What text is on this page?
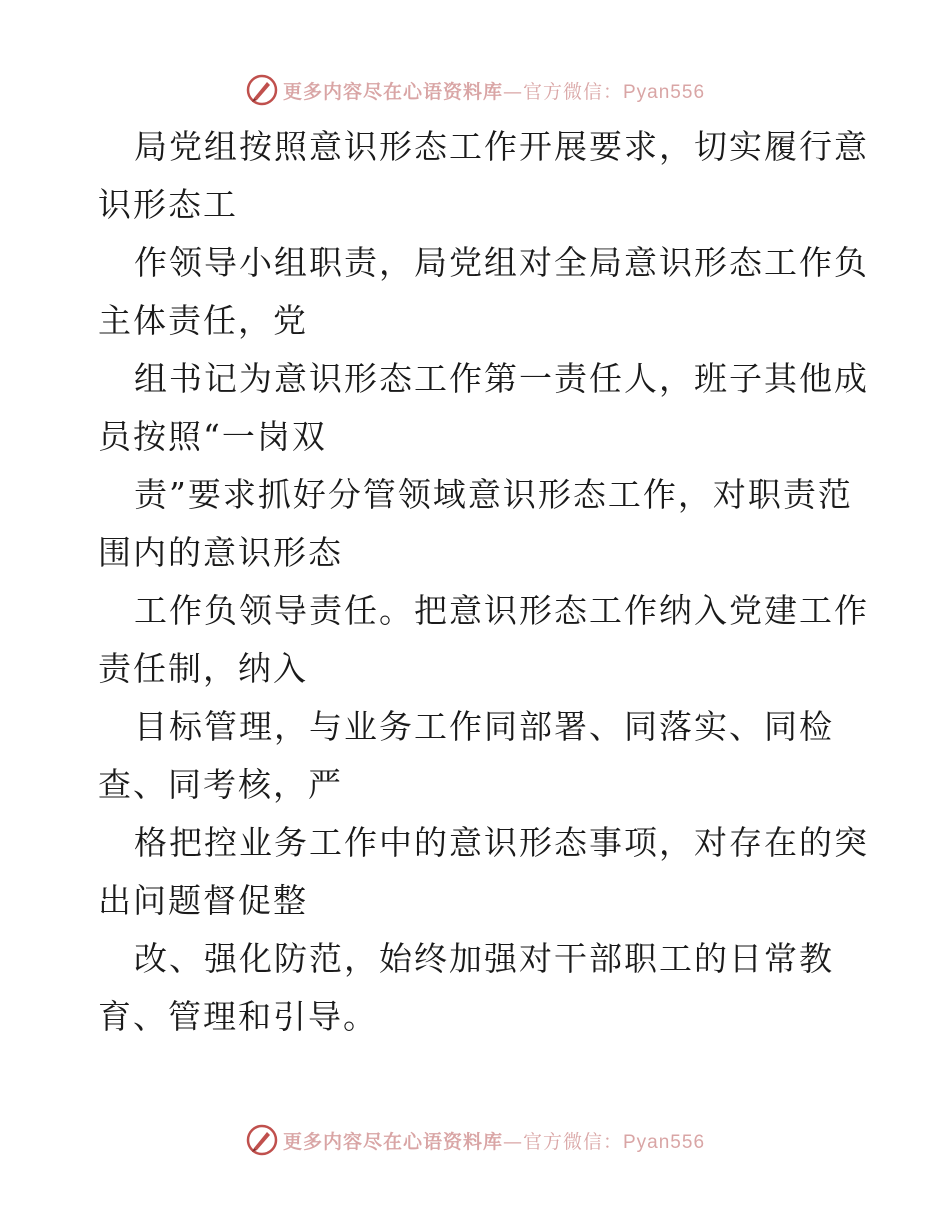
更多内容尽在心语资料库—官方微信：Pyan556
局党组按照意识形态工作开展要求，切实履行意
识形态工
作领导小组职责，局党组对全局意识形态工作负
主体责任，党
组书记为意识形态工作第一责任人，班子其他成
员按照“一岗双
责”要求抓好分管领域意识形态工作，对职责范
围内的意识形态
工作负领导责任。把意识形态工作纳入党建工作
责任制，纳入
目标管理，与业务工作同部署、同落实、同检
查、同考核，严
格把控业务工作中的意识形态事项，对存在的突
出问题督促整
改、强化防范，始终加强对干部职工的日常教
育、管理和引导。
更多内容尽在心语资料库—官方微信：Pyan556
